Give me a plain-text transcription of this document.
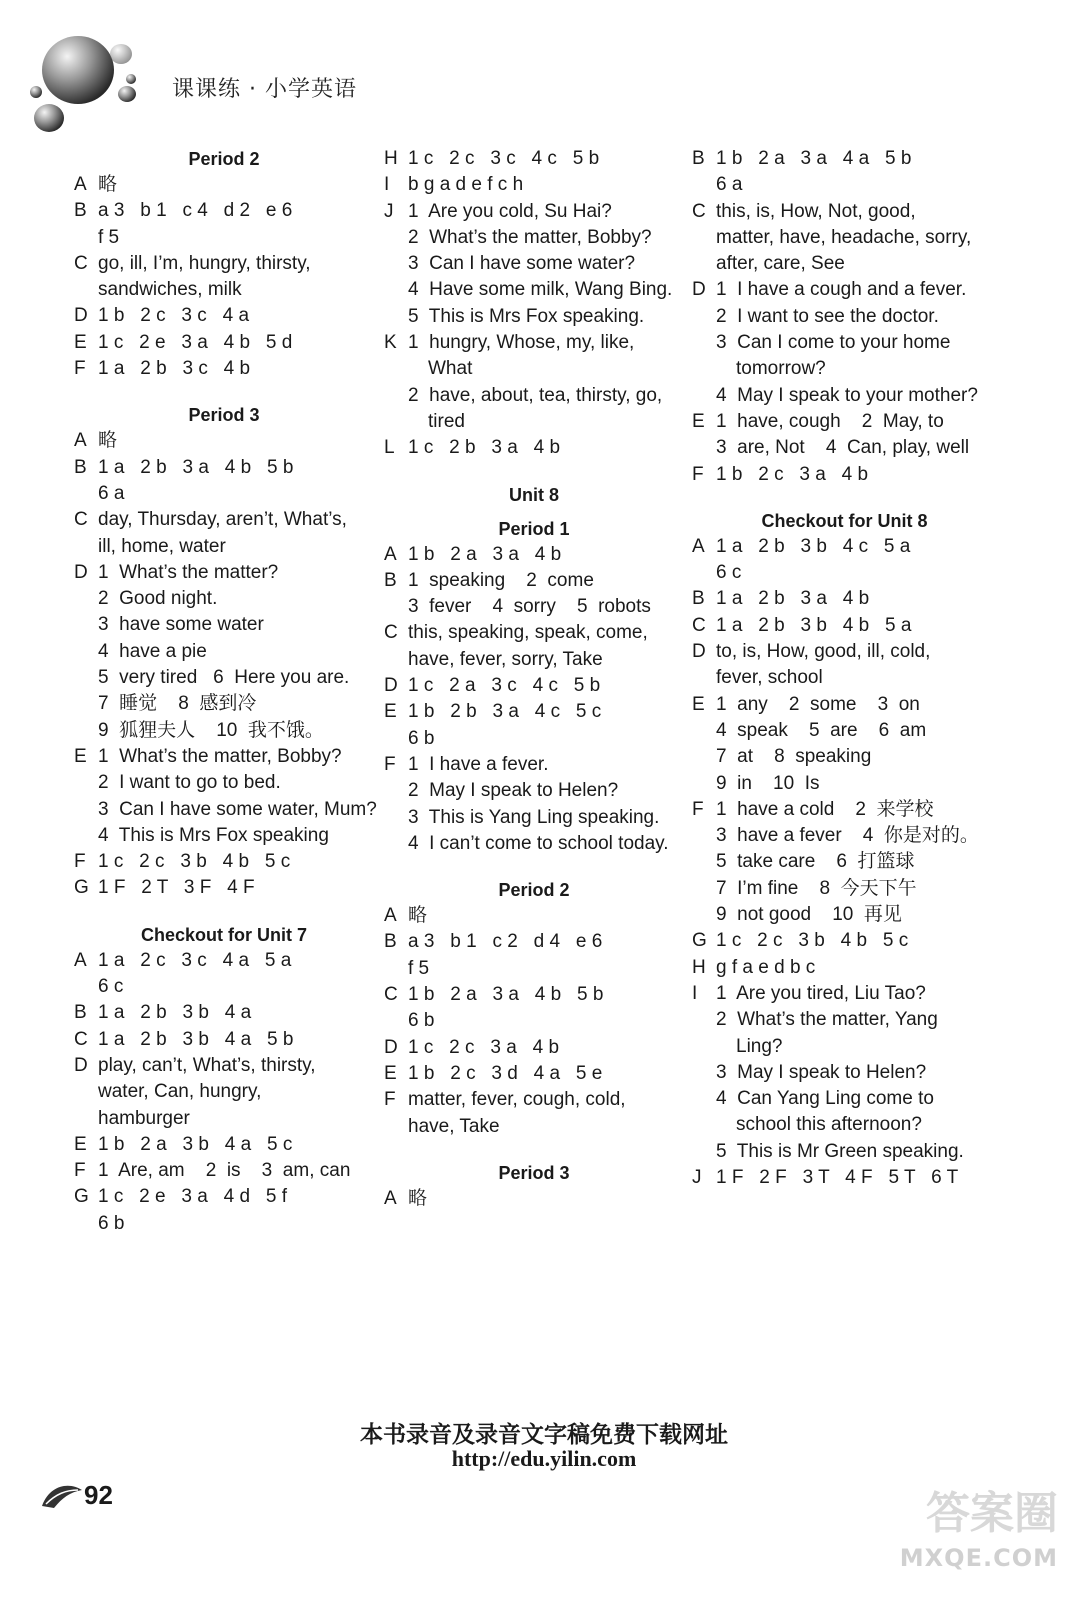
课课练 · 小学英语
Period 2
A 略
B a 3   b 1   c 4   d 2   e 6
f 5
C go, ill, I’m, hungry, thirsty,
sandwiches, milk
D 1 b   2 c   3 c   4 a
E 1 c   2 e   3 a   4 b   5 d
F 1 a   2 b   3 c   4 b
Period 3
A 略
B 1 a   2 b   3 a   4 b   5 b
6 a
C day, Thursday, aren’t, What’s,
ill, home, water
D 1  What’s the matter?
2  Good night.
3  have some water
4  have a pie
5  very tired   6  Here you are.
7  睡觉    8  感到冷
9  狐狸夫人    10  我不饿。
E 1  What’s the matter, Bobby?
2  I want to go to bed.
3  Can I have some water, Mum?
4  This is Mrs Fox speaking
F 1 c   2 c   3 b   4 b   5 c
G 1 F   2 T   3 F   4 F
Checkout for Unit 7
A 1 a   2 c   3 c   4 a   5 a
6 c
B 1 a   2 b   3 b   4 a
C 1 a   2 b   3 b   4 a   5 b
D play, can’t, What’s, thirsty,
water, Can, hungry,
hamburger
E 1 b   2 a   3 b   4 a   5 c
F 1  Are, am    2  is    3  am, can
G 1 c   2 e   3 a   4 d   5 f
6 b
H 1 c   2 c   3 c   4 c   5 b
I b g a d e f c h
J 1  Are you cold, Su Hai?
2  What’s the matter, Bobby?
3  Can I have some water?
4  Have some milk, Wang Bing.
5  This is Mrs Fox speaking.
K 1  hungry, Whose, my, like,
What
2  have, about, tea, thirsty, go,
tired
L 1 c   2 b   3 a   4 b
Unit 8
Period 1
A 1 b   2 a   3 a   4 b
B 1  speaking    2  come
3  fever    4  sorry    5  robots
C this, speaking, speak, come,
have, fever, sorry, Take
D 1 c   2 a   3 c   4 c   5 b
E 1 b   2 b   3 a   4 c   5 c
6 b
F 1  I have a fever.
2  May I speak to Helen?
3  This is Yang Ling speaking.
4  I can’t come to school today.
Period 2
A 略
B a 3   b 1   c 2   d 4   e 6
f 5
C 1 b   2 a   3 a   4 b   5 b
6 b
D 1 c   2 c   3 a   4 b
E 1 b   2 c   3 d   4 a   5 e
F matter, fever, cough, cold,
have, Take
Period 3
A 略
B 1 b   2 a   3 a   4 a   5 b
6 a
C this, is, How, Not, good,
matter, have, headache, sorry,
after, care, See
D 1  I have a cough and a fever.
2  I want to see the doctor.
3  Can I come to your home
tomorrow?
4  May I speak to your mother?
E 1  have, cough    2  May, to
3  are, Not    4  Can, play, well
F 1 b   2 c   3 a   4 b
Checkout for Unit 8
A 1 a   2 b   3 b   4 c   5 a
6 c
B 1 a   2 b   3 a   4 b
C 1 a   2 b   3 b   4 b   5 a
D to, is, How, good, ill, cold,
fever, school
E 1  any    2  some    3  on
4  speak    5  are    6  am
7  at    8  speaking
9  in    10  Is
F 1  have a cold    2  来学校
3  have a fever    4  你是对的。
5  take care    6  打篮球
7  I’m fine    8  今天下午
9  not good    10  再见
G 1 c   2 c   3 b   4 b   5 c
H g f a e d b c
I 1  Are you tired, Liu Tao?
2  What’s the matter, Yang
Ling?
3  May I speak to Helen?
4  Can Yang Ling come to
school this afternoon?
5  This is Mr Green speaking.
J 1 F   2 F   3 T   4 F   5 T   6 T
本书录音及录音文字稿免费下载网址
http://edu.yilin.com
92	答案圈
MXQE.COM
